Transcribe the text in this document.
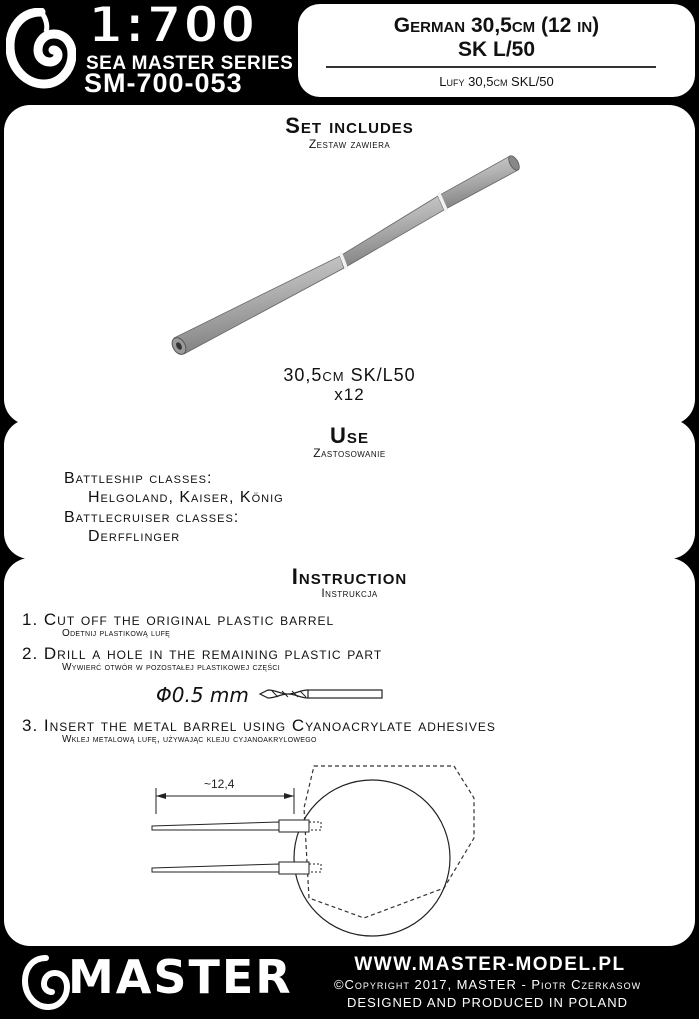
1:700
SEA MASTER SERIES
SM-700-053
German 30,5cm (12 in)
SK L/50
Lufy 30,5cm SKL/50
Set includes
Zestaw zawiera
30,5cm SK/L50
x12
Use
Zastosowanie
Battleship classes:
Helgoland, Kaiser, König
Battlecruiser classes:
Derfflinger
Instruction
Instrukcja
1. Cut off the original plastic barrel
Odetnij plastikową lufę
2. Drill a hole in the remaining plastic part
Wywierć otwór w pozostałej plastikowej części
Φ0.5 mm
3. Insert the metal barrel using Cyanoacrylate adhesives
Wklej metalową lufę, używając kleju cyjanoakrylowego
~12,4
MASTER	WWW.MASTER-MODEL.PL
©Copyright 2017, MASTER - Piotr Czerkasow
DESIGNED AND PRODUCED IN POLAND
